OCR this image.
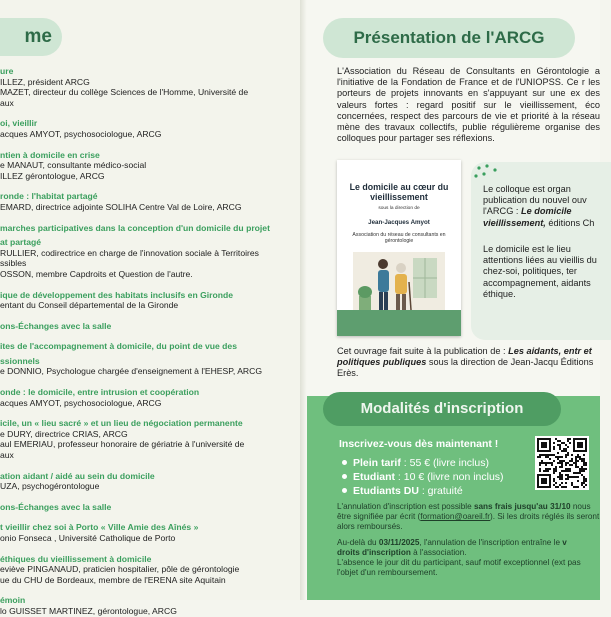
me
ure
ILLEZ, président ARCG
MAZET, directeur du collège Sciences de l'Homme, Université de
aux
oi, vieillir
acques AMYOT, psychosociologue, ARCG
ntien à domicile en crise
e MANAUT, consultante médico-social
ILLEZ gérontologue, ARCG
ronde : l'habitat partagé
EMARD, directrice adjointe SOLIHA Centre Val de Loire, ARCG
marches participatives dans la conception d'un domicile du projet
at partagé
RULLIER, codirectrice en charge de l'innovation sociale à Territoires
ssibles
OSSON, membre Capdroits et Question de l'autre.
ique de développement des habitats inclusifs en Gironde
entant du Conseil départemental de la Gironde
ons-Échanges avec la salle
ites de l'accompagnement à domicile, du point de vue des
ssionnels
e DONNIO, Psychologue chargée d'enseignement à l'EHESP, ARCG
onde : le domicile, entre intrusion et coopération
acques AMYOT, psychosociologue, ARCG
icile, un « lieu sacré » et un lieu de négociation permanente
e DURY, directrice CRIAS, ARCG
aul EMERIAU, professeur honoraire de gériatrie à l'université de
aux
ation aidant / aidé au sein du domicile
UZA, psychogérontologue
ons-Échanges avec la salle
t vieillir chez soi à Porto « Ville Amie des Aînés »
onio Fonseca , Université Catholique de Porto
éthiques du vieillissement à domicile
eviève PINGANAUD, praticien hospitalier, pôle de gérontologie
ue du CHU de Bordeaux, membre de l'ERENA site Aquitain
émoin
lo GUISSET MARTINEZ, gérontologue, ARCG
Présentation de l'ARCG
L'Association du Réseau de Consultants en Gérontologie a l'initiative de la Fondation de France et de l'UNIOPSS. Ce r les porteurs de projets innovants en s'appuyant sur une ex des valeurs fortes : regard positif sur le vieillissement, éco concernées, respect des parcours de vie et priorité à la réseau mène des travaux collectifs, publie régulièreme organise des colloques pour partager ses réflexions.
Le domicile au cœur du vieillissement
sous la direction de
Jean-Jacques Amyot
Association du réseau de consultants en gérontologie
Le colloque est organ publication du nouvel ouv l'ARCG : Le domicile vieillissement, éditions Ch
Le domicile est le lieu attentions liées au vieillis du chez-soi, politiques, ter accompagnement, aidants éthique.
Cet ouvrage fait suite à la publication de : Les aidants, entr et politiques publiques sous la direction de Jean-Jacqu Éditions Erès.
Modalités d'inscription
Inscrivez-vous dès maintenant !
Plein tarif : 55 € (livre inclus)
Etudiant : 10 € (livre non inclus)
Etudiants DU : gratuité

L'annulation d'inscription est possible sans frais jusqu'au 31/10 nous être signifiée par écrit (formation@oareil.fr). Si les droits réglés ils seront alors remboursés.

Au-delà du 03/11/2025, l'annulation de l'inscription entraîne le v
droits d'inscription à l'association.
L'absence le jour dit du participant, sauf motif exceptionnel (ext pas l'objet d'un remboursement.
